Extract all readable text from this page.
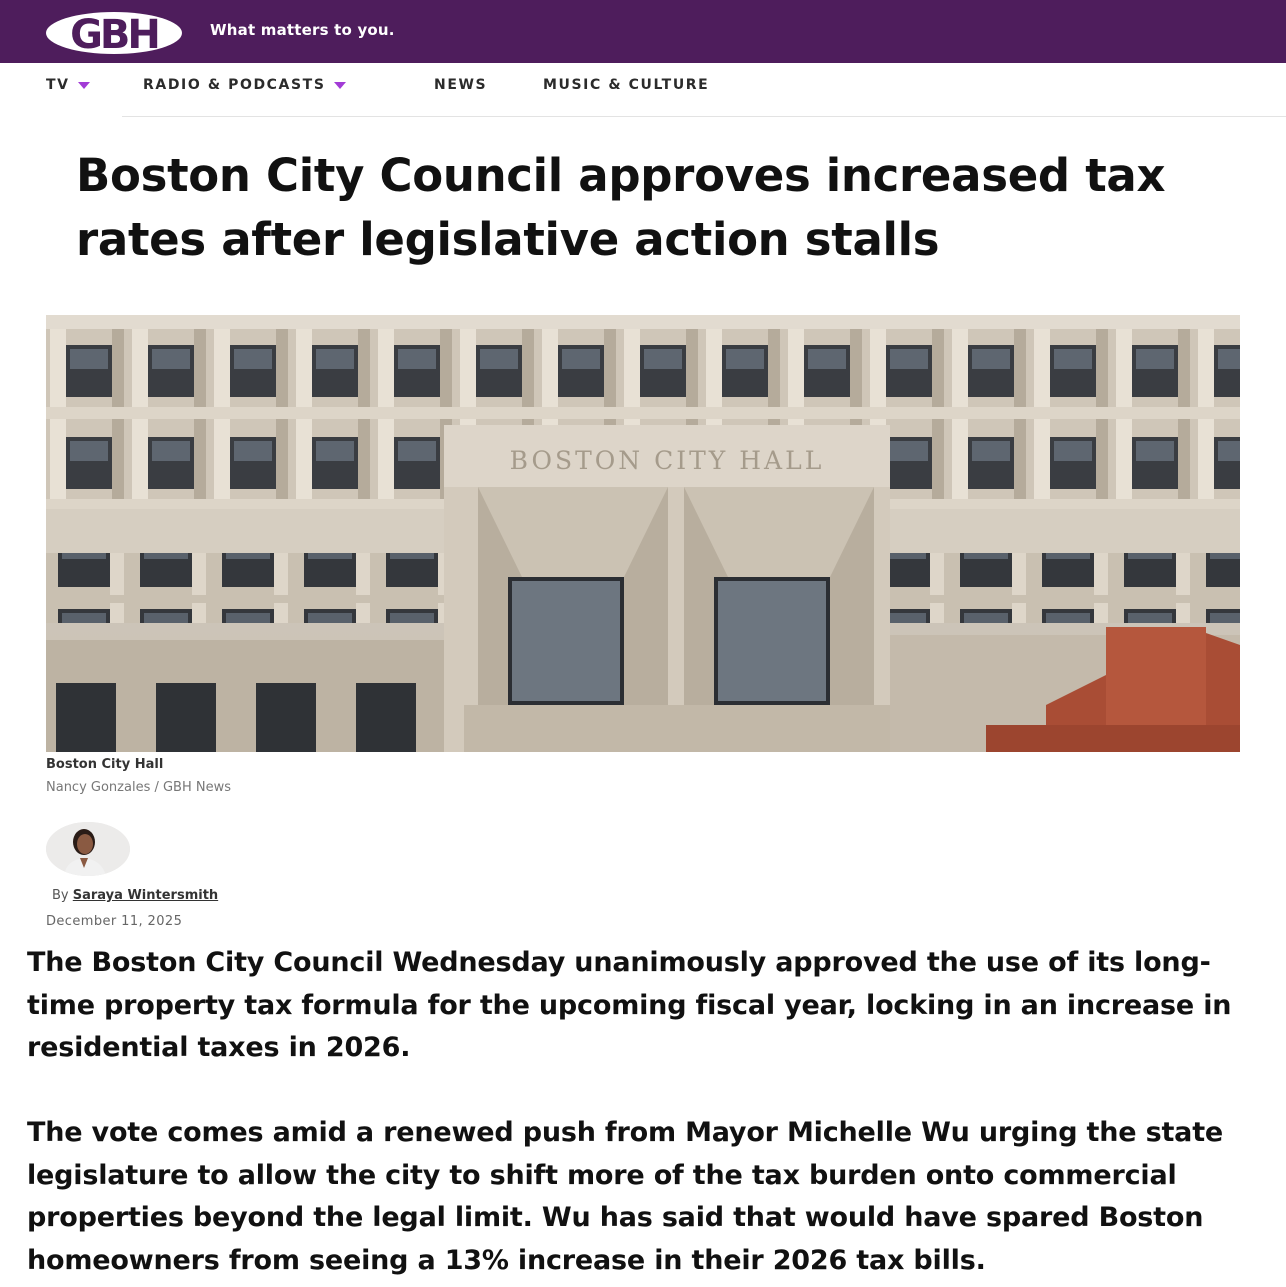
GBH	What matters to you.
TV	RADIO & PODCASTS	NEWS	MUSIC & CULTURE
Boston City Council approves increased tax rates after legislative action stalls
BOSTON CITY HALL
Boston City Hall
Nancy Gonzales / GBH News
By Saraya Wintersmith
December 11, 2025

The Boston City Council Wednesday unanimously approved the use of its long-time property tax formula for the upcoming fiscal year, locking in an increase in residential taxes in 2026.

The vote comes amid a renewed push from Mayor Michelle Wu urging the state legislature to allow the city to shift more of the tax burden onto commercial properties beyond the legal limit. Wu has said that would have spared Boston homeowners from seeing a 13% increase in their 2026 tax bills.
